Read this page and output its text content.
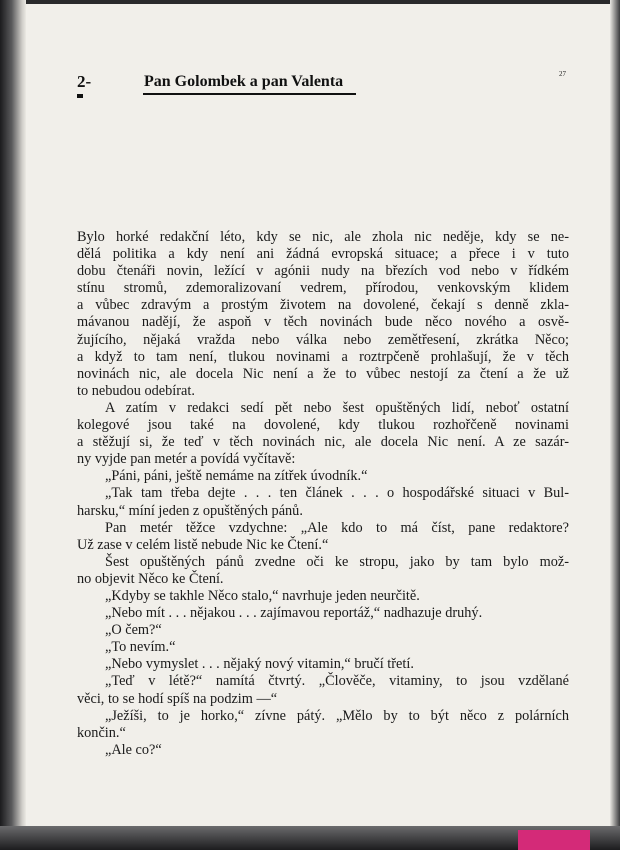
2-	Pan Golombek a pan Valenta	27
Bylo horké redakční léto, kdy se nic, ale zhola nic neděje, kdy se ne-
dělá politika a kdy není ani žádná evropská situace; a přece i v tuto
dobu čtenáři novin, ležící v agónii nudy na březích vod nebo v řídkém
stínu stromů, zdemoralizovaní vedrem, přírodou, venkovským klidem
a vůbec zdravým a prostým životem na dovolené, čekají s denně zkla-
mávanou nadějí, že aspoň v těch novinách bude něco nového a osvě-
žujícího, nějaká vražda nebo válka nebo zemětřesení, zkrátka Něco;
a když to tam není, tlukou novinami a roztrpčeně prohlašují, že v těch
novinách nic, ale docela Nic není a že to vůbec nestojí za čtení a že už
to nebudou odebírat.
A zatím v redakci sedí pět nebo šest opuštěných lidí, neboť ostatní
kolegové jsou také na dovolené, kdy tlukou rozhořčeně novinami
a stěžují si, že teď v těch novinách nic, ale docela Nic není. A ze sazár-
ny vyjde pan metér a povídá vyčítavě:
„Páni, páni, ještě nemáme na zítřek úvodník.“
„Tak tam třeba dejte . . . ten článek . . . o hospodářské situaci v Bul-
harsku,“ míní jeden z opuštěných pánů.
Pan metér těžce vzdychne: „Ale kdo to má číst, pane redaktore?
Už zase v celém listě nebude Nic ke Čtení.“
Šest opuštěných pánů zvedne oči ke stropu, jako by tam bylo mož-
no objevit Něco ke Čtení.
„Kdyby se takhle Něco stalo,“ navrhuje jeden neurčitě.
„Nebo mít . . . nějakou . . . zajímavou reportáž,“ nadhazuje druhý.
„O čem?“
„To nevím.“
„Nebo vymyslet . . . nějaký nový vitamin,“ bručí třetí.
„Teď v létě?“ namítá čtvrtý. „Člověče, vitaminy, to jsou vzdělané
věci, to se hodí spíš na podzim —“
„Ježíši, to je horko,“ zívne pátý. „Mělo by to být něco z polárních
končin.“
„Ale co?“
